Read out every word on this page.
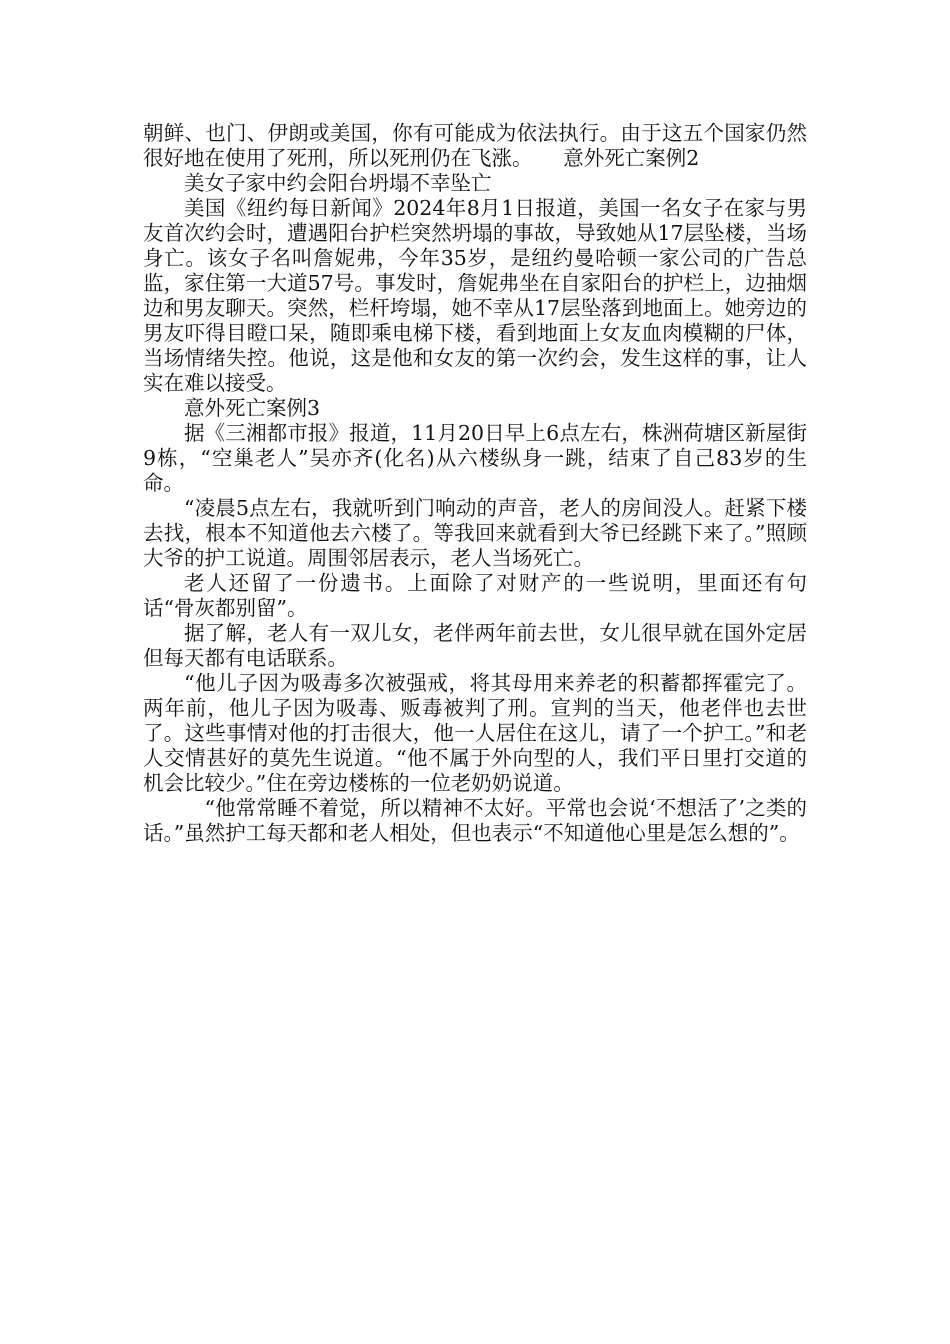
朝鲜、也门、伊朗或美国，你有可能成为依法执行。由于这五个国家仍然很好地在使用了死刑，所以死刑仍在飞涨。　　意外死亡案例2

美女子家中约会阳台坍塌不幸坠亡

美国《纽约每日新闻》2024年8月1日报道，美国一名女子在家与男友首次约会时，遭遇阳台护栏突然坍塌的事故，导致她从17层坠楼，当场身亡。该女子名叫詹妮弗，今年35岁，是纽约曼哈顿一家公司的广告总监，家住第一大道57号。事发时，詹妮弗坐在自家阳台的护栏上，边抽烟边和男友聊天。突然，栏杆垮塌，她不幸从17层坠落到地面上。她旁边的男友吓得目瞪口呆，随即乘电梯下楼，看到地面上女友血肉模糊的尸体，当场情绪失控。他说，这是他和女友的第一次约会，发生这样的事，让人实在难以接受。

意外死亡案例3

据《三湘都市报》报道，11月20日早上6点左右，株洲荷塘区新屋街9栋，“空巢老人”吴亦齐(化名)从六楼纵身一跳，结束了自己83岁的生命。

“凌晨5点左右，我就听到门响动的声音，老人的房间没人。赶紧下楼去找，根本不知道他去六楼了。等我回来就看到大爷已经跳下来了。”照顾大爷的护工说道。周围邻居表示，老人当场死亡。

老人还留了一份遗书。上面除了对财产的一些说明，里面还有句话“骨灰都别留”。

据了解，老人有一双儿女，老伴两年前去世，女儿很早就在国外定居但每天都有电话联系。

“他儿子因为吸毒多次被强戒，将其母用来养老的积蓄都挥霍完了。两年前，他儿子因为吸毒、贩毒被判了刑。宣判的当天，他老伴也去世了。这些事情对他的打击很大，他一人居住在这儿，请了一个护工。”和老人交情甚好的莫先生说道。“他不属于外向型的人，我们平日里打交道的机会比较少。”住在旁边楼栋的一位老奶奶说道。

“他常常睡不着觉，所以精神不太好。平常也会说‘不想活了’之类的话。”虽然护工每天都和老人相处，但也表示“不知道他心里是怎么想的”。
